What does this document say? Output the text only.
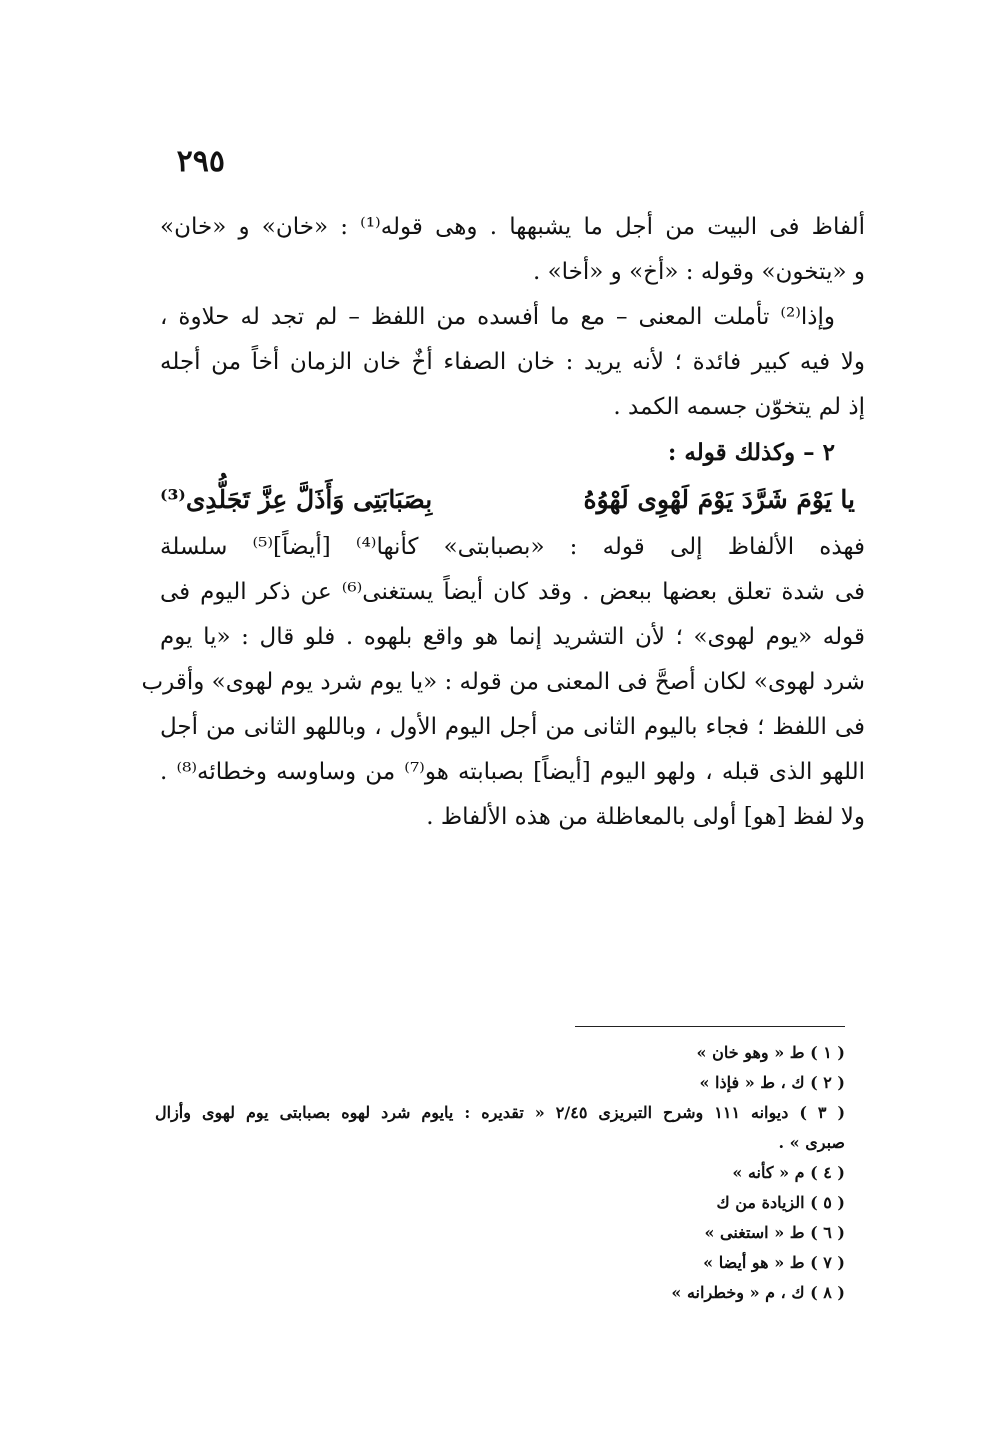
٢٩٥
ألفاظ فى البيت من أجل ما يشبهها . وهى قوله⁽¹⁾ : «خان» و «خان»
و «يتخون» وقوله : «أخ» و «أخا» .
وإذا⁽²⁾ تأملت المعنى – مع ما أفسده من اللفظ – لم تجد له حلاوة ،
ولا فيه كبير فائدة ؛ لأنه يريد : خان الصفاء أخٌ خان الزمان أخاً من أجله
إذ لم يتخوّن جسمه الكمد .
٢ – وكذلك قوله :
يا يَوْمَ شَرَّدَ يَوْمَ لَهْوِى لَهْوُهُ
بِصَبَابَتِى وَأَذَلَّ عِزَّ تَجَلُّدِى⁽³⁾
فهذه الألفاظ إلى قوله : «بصبابتى» كأنها⁽⁴⁾ [أيضاً]⁽⁵⁾ سلسلة
فى شدة تعلق بعضها ببعض . وقد كان أيضاً يستغنى⁽⁶⁾ عن ذكر اليوم فى
قوله «يوم لهوى» ؛ لأن التشريد إنما هو واقع بلهوه . فلو قال : «يا يوم
شرد لهوى» لكان أصحَّ فى المعنى من قوله : «يا يوم شرد يوم لهوى» وأقرب
فى اللفظ ؛ فجاء باليوم الثانى من أجل اليوم الأول ، وباللهو الثانى من أجل
اللهو الذى قبله ، ولهو اليوم [أيضاً] بصبابته هو⁽⁷⁾ من وساوسه وخطائه⁽⁸⁾ .
ولا لفظ [هو] أولى بالمعاظلة من هذه الألفاظ .
( ١ ) ط « وهو خان »
( ٢ ) ك ، ط « فإذا »
( ٣ ) ديوانه ١١١ وشرح التبريزى ٢/٤٥ « تقديره : يايوم شرد لهوه بصبابتى يوم لهوى وأزال
صبرى » .
( ٤ ) م « كأنه »
( ٥ ) الزيادة من ك
( ٦ ) ط « استغنى »
( ٧ ) ط « هو أيضا »
( ٨ ) ك ، م « وخطرانه »
